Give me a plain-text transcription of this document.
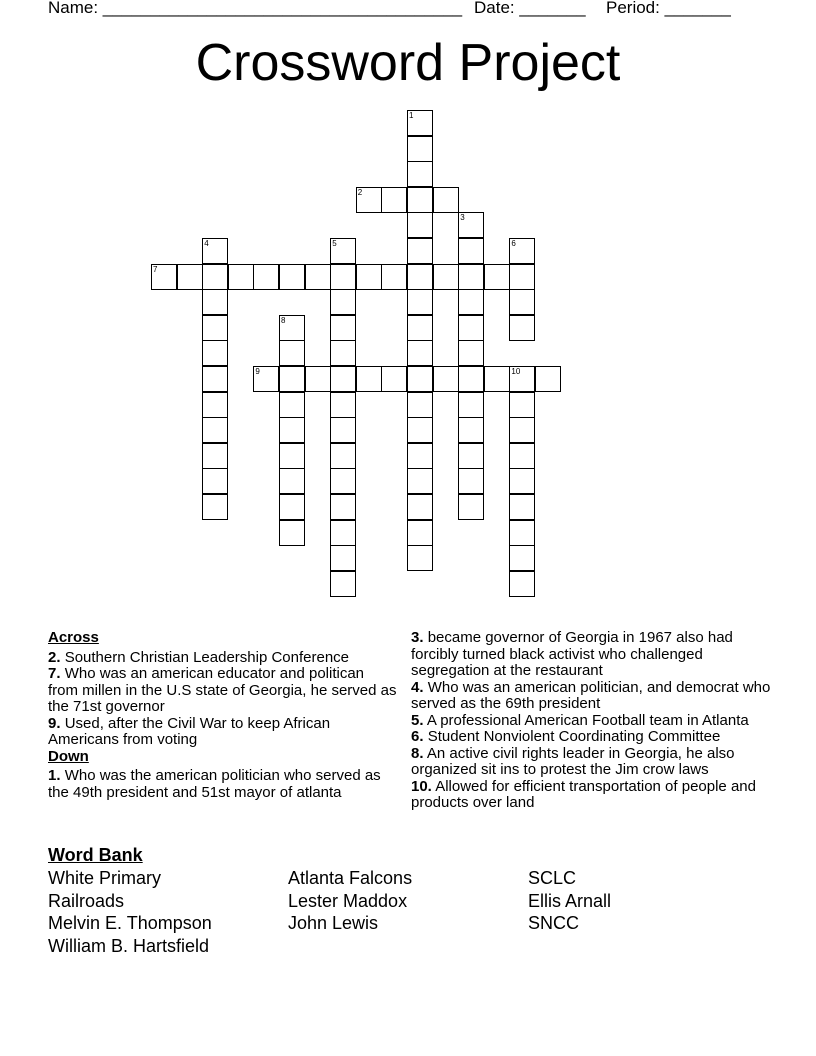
Name: ______________________________________ Date: _______ Period: _______
Crossword Project
1
2
3
4	5	6
7
8
9	10
Across
2. Southern Christian Leadership Conference
7. Who was an american educator and politican from millen in the U.S state of Georgia, he served as the 71st governor
9. Used, after the Civil War to keep African Americans from voting
Down
1. Who was the american politician who served as the 49th president and 51st mayor of atlanta
3. became governor of Georgia in 1967 also had forcibly turned black activist who challenged segregation at the restaurant
4. Who was an american politician, and democrat who served as the 69th president
5. A professional American Football team in Atlanta
6. Student Nonviolent Coordinating Committee
8. An active civil rights leader in Georgia, he also organized sit ins to protest the Jim crow laws
10. Allowed for efficient transportation of people and products over land
Word Bank
White Primary
Railroads
Melvin E. Thompson
William B. Hartsfield
Atlanta Falcons
Lester Maddox
John Lewis
SCLC
Ellis Arnall
SNCC
